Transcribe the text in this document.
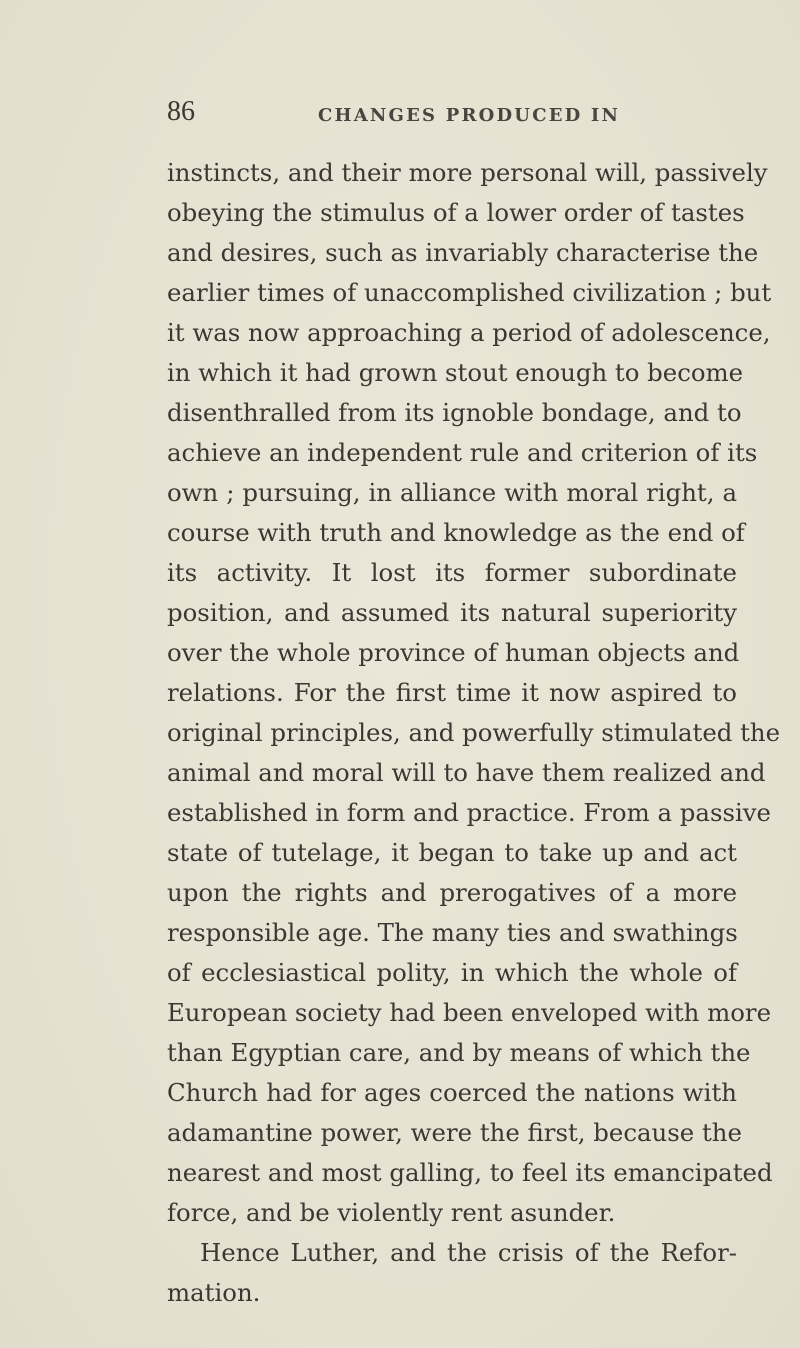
86	CHANGES PRODUCED IN
instincts, and their more personal will, passively
obeying the stimulus of a lower order of tastes
and desires, such as invariably characterise the
earlier times of unaccomplished civilization ; but
it was now approaching a period of adolescence,
in which it had grown stout enough to become
disenthralled from its ignoble bondage, and to
achieve an independent rule and criterion of its
own ; pursuing, in alliance with moral right, a
course with truth and knowledge as the end of
its activity. It lost its former subordinate
position, and assumed its natural superiority
over the whole province of human objects and
relations. For the first time it now aspired to
original principles, and powerfully stimulated the
animal and moral will to have them realized and
established in form and practice. From a passive
state of tutelage, it began to take up and act
upon the rights and prerogatives of a more
responsible age. The many ties and swathings
of ecclesiastical polity, in which the whole of
European society had been enveloped with more
than Egyptian care, and by means of which the
Church had for ages coerced the nations with
adamantine power, were the first, because the
nearest and most galling, to feel its emancipated
force, and be violently rent asunder.
Hence Luther, and the crisis of the Refor-
mation.
